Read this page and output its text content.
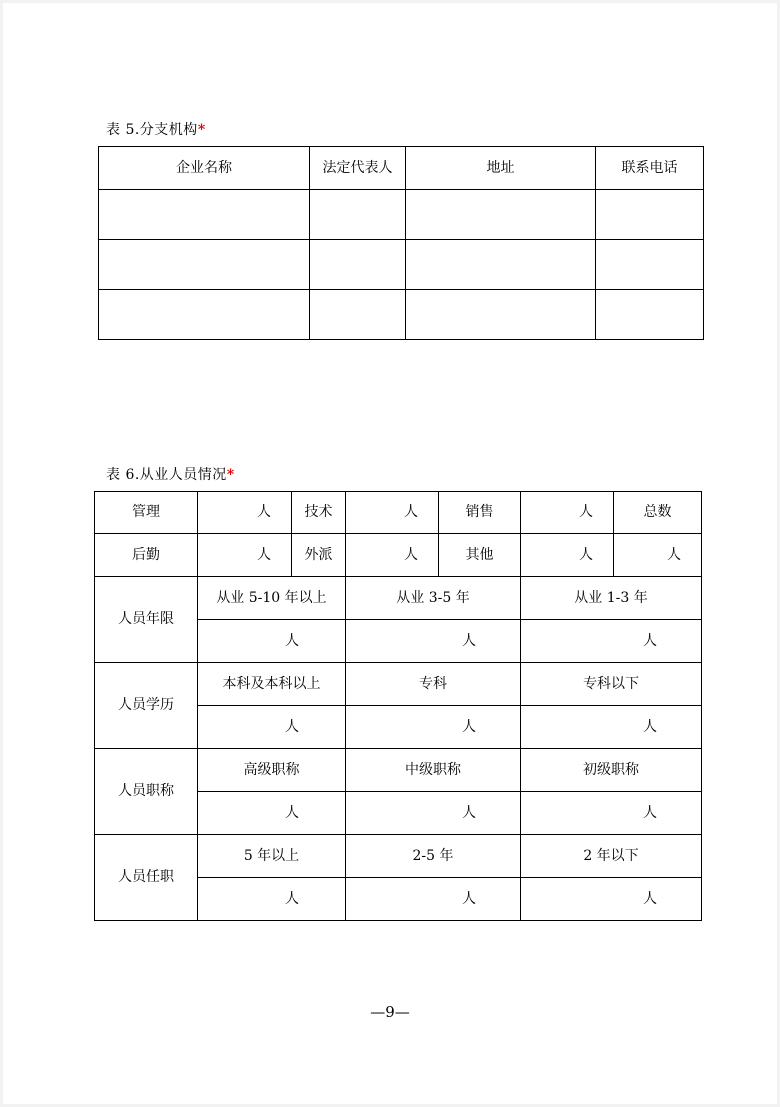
表 5.分支机构*
企业名称	法定代表人	地址	联系电话

表 6.从业人员情况*
管理	人	技术	人	销售	人	总数
后勤	人	外派	人	其他	人	人
人员年限	从业 5-10 年以上		从业 3-5 年		从业 1-3 年	
	人		人		人	
人员学历	本科及本科以上		专科		专科以下	
	人		人		人	
人员职称	高级职称		中级职称		初级职称	
	人		人		人	
人员任职	5 年以上		2-5 年		2 年以下	
	人		人		人	
—9—
